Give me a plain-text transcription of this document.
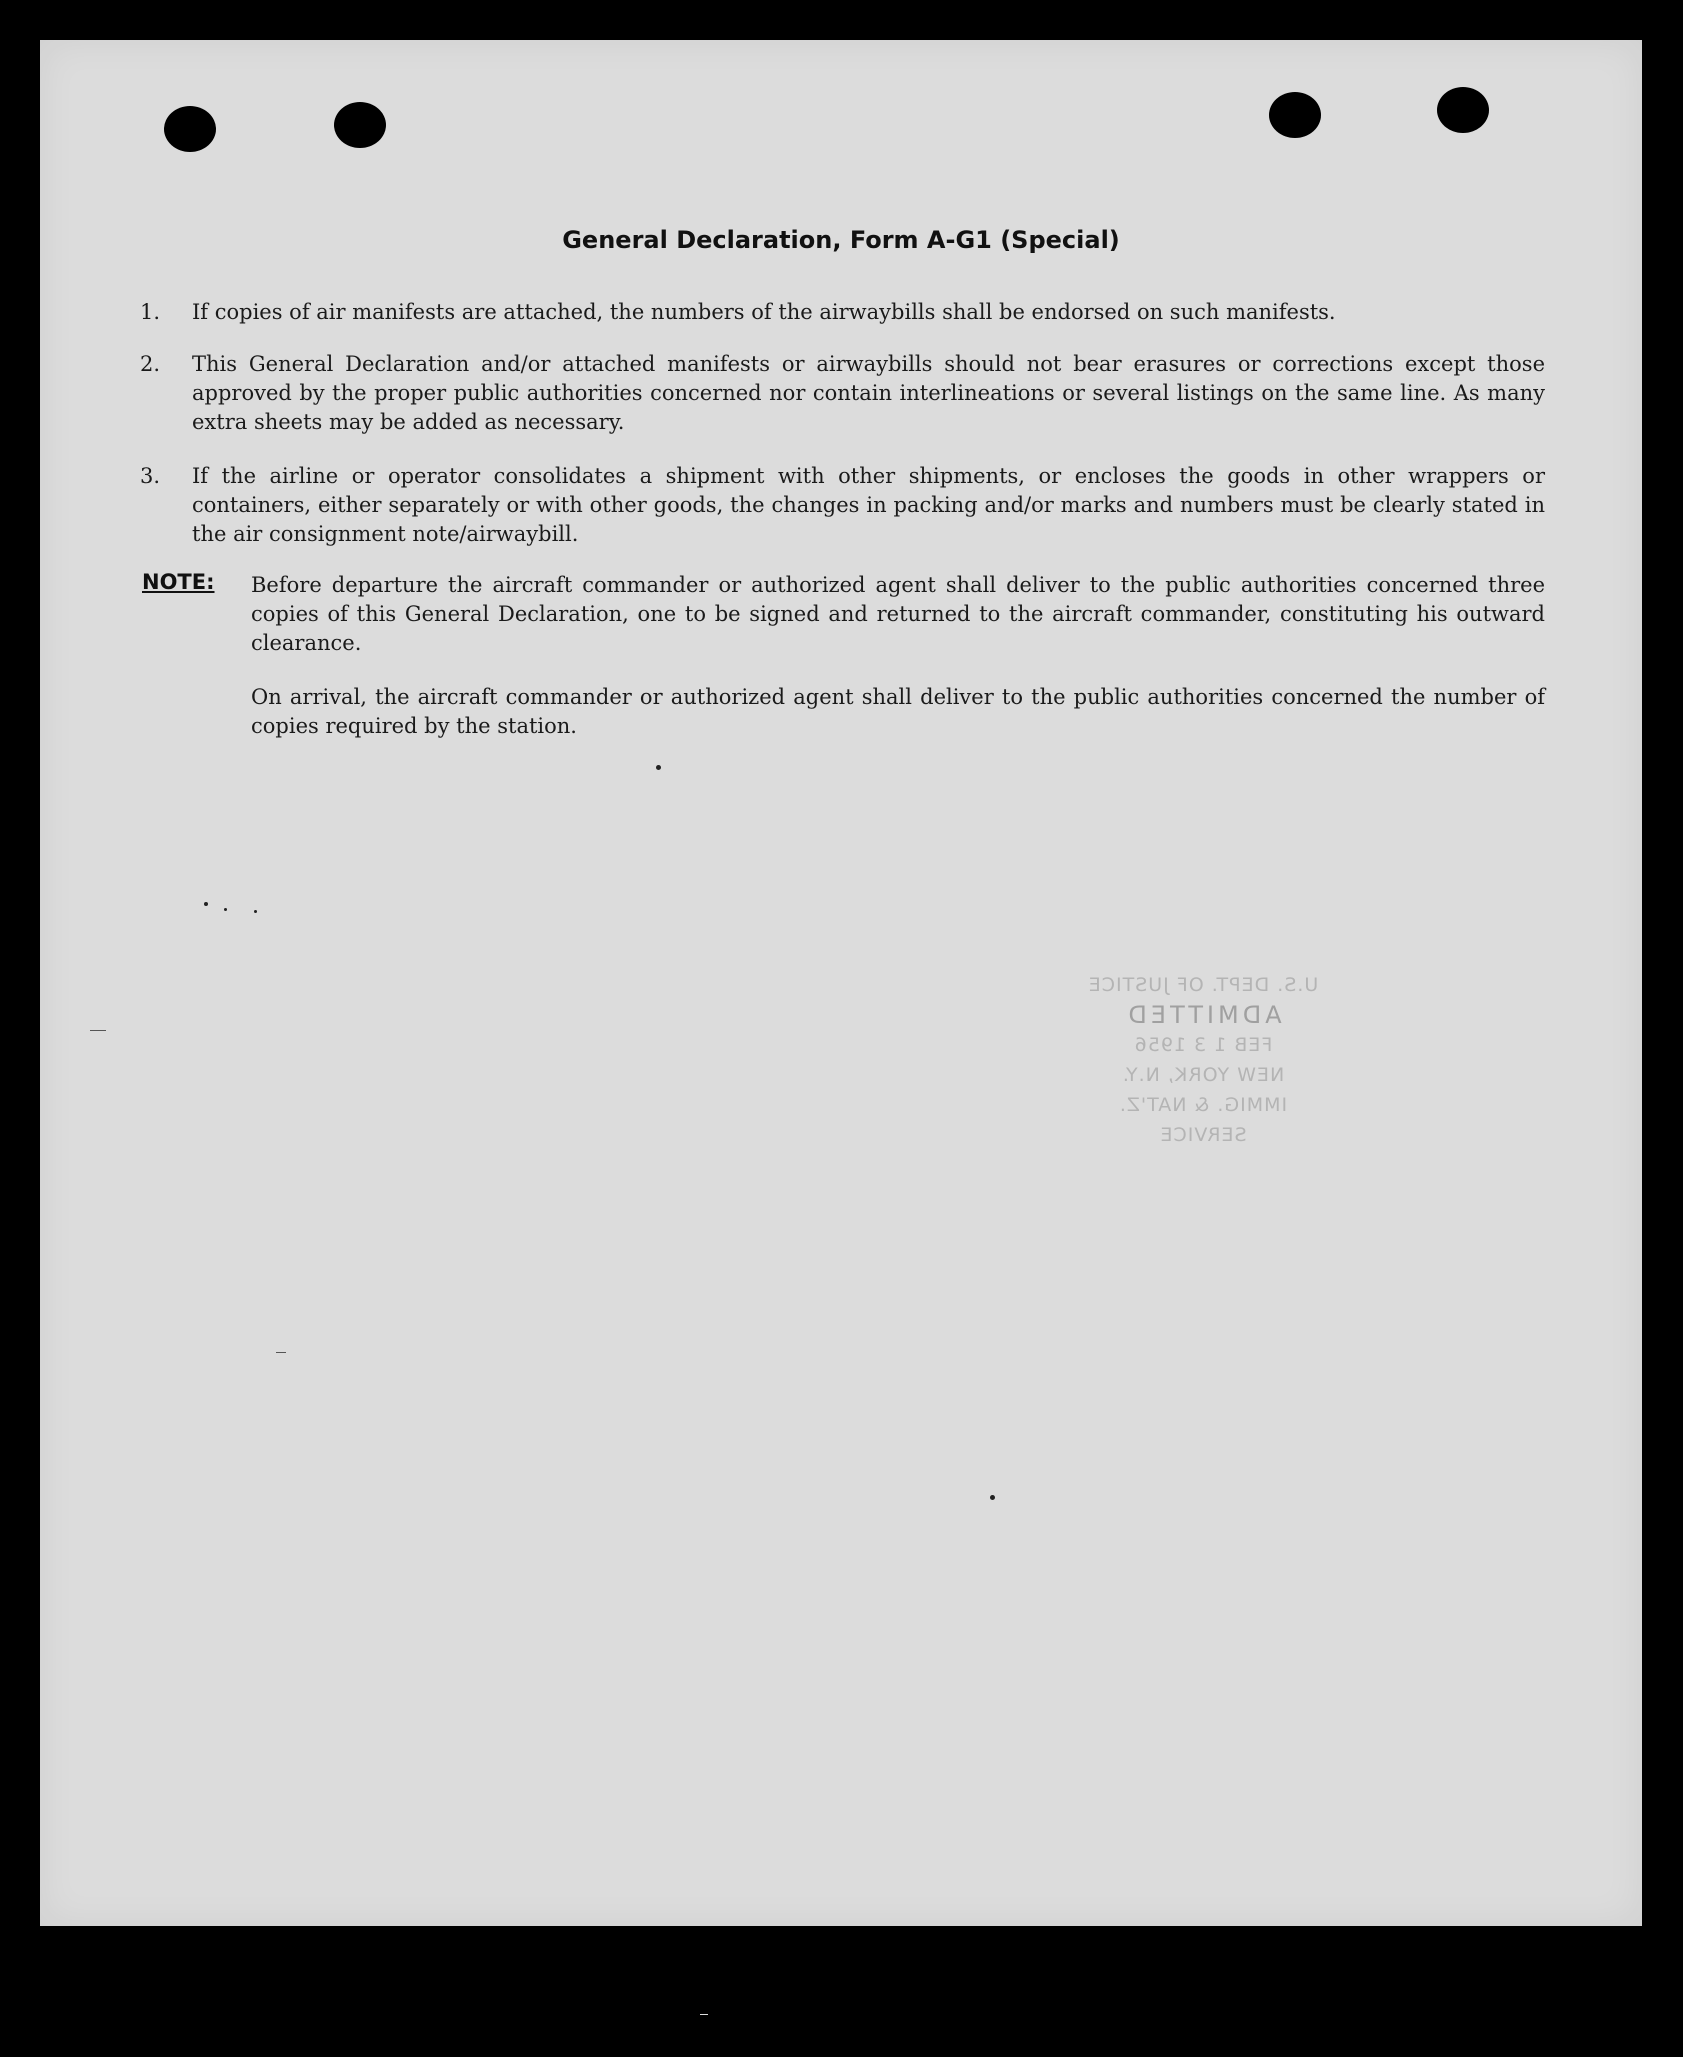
General Declaration, Form A-G1 (Special)
1.	If copies of air manifests are attached, the numbers of the airwaybills shall be endorsed on such manifests.
2.	This General Declaration and/or attached manifests or airwaybills should not bear erasures or corrections except those approved by the proper public authorities concerned nor contain interlineations or several listings on the same line. As many extra sheets may be added as necessary.
3.	If the airline or operator consolidates a shipment with other shipments, or encloses the goods in other wrappers or containers, either separately or with other goods, the changes in packing and/or marks and numbers must be clearly stated in the air consignment note/airwaybill.
NOTE: Before departure the aircraft commander or authorized agent shall deliver to the public authorities concerned three copies of this General Declaration, one to be signed and returned to the aircraft commander, constituting his outward clearance.
On arrival, the aircraft commander or authorized agent shall deliver to the public authorities concerned the number of copies required by the station.
U.S. DEPT. OF JUSTICE
ADMITTED
FEB 1 3 1956
NEW YORK, N.Y.
IMMIG. & NAT'Z. SERVICE
